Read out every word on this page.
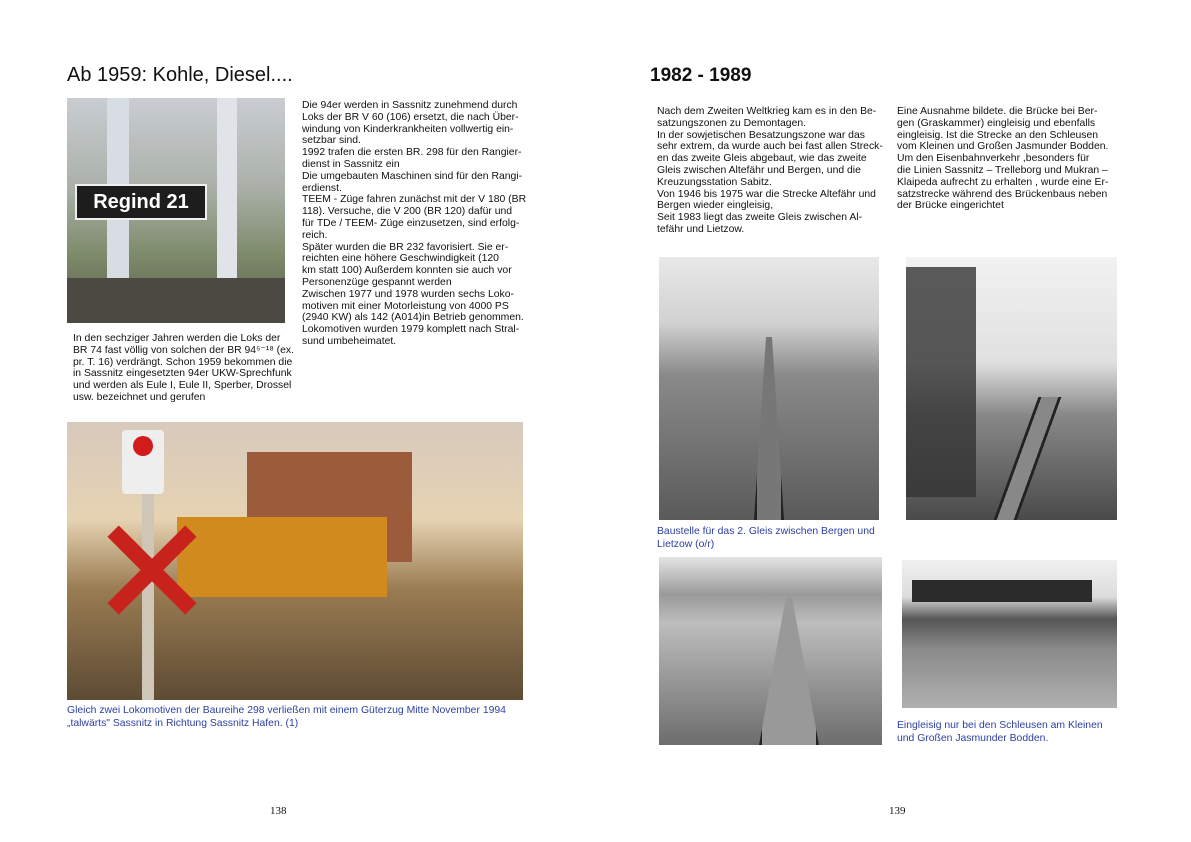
Ab 1959: Kohle, Diesel....
Regind 21
Die 94er werden in Sassnitz zunehmend durch
Loks der BR V 60 (106) ersetzt, die nach Über-
windung von Kinderkrankheiten vollwertig ein-
setzbar sind.
1992 trafen die ersten BR. 298 für den Rangier-
dienst in Sassnitz ein
Die umgebauten Maschinen sind für den Rangi-
erdienst.
TEEM - Züge fahren zunächst mit der V 180 (BR
118). Versuche, die V 200 (BR 120) dafür und
für TDe / TEEM- Züge einzusetzen, sind erfolg-
reich.
Später wurden die BR 232 favorisiert. Sie er-
reichten eine höhere Geschwindigkeit (120
km statt 100) Außerdem konnten sie auch vor
Personenzüge gespannt werden
Zwischen 1977 und 1978 wurden sechs Loko-
motiven mit einer Motorleistung von 4000 PS
(2940 KW) als 142 (A014)in Betrieb genommen.
Lokomotiven wurden 1979 komplett nach Stral-
sund umbeheimatet.
In den sechziger Jahren werden die Loks der
BR 74 fast völlig von solchen der BR 94⁵⁻¹⁸ (ex.
pr. T. 16) verdrängt. Schon 1959 bekommen die
in Sassnitz eingesetzten 94er UKW-Sprechfunk
und werden als Eule I, Eule II, Sperber, Drossel
usw. bezeichnet und gerufen
Gleich zwei Lokomotiven der Baureihe 298 verließen mit einem Güterzug Mitte November 1994
„talwärts" Sassnitz in Richtung Sassnitz Hafen. (1)
138
1982 - 1989
Nach dem Zweiten Weltkrieg kam es in den Be-
satzungszonen zu Demontagen.
In der sowjetischen Besatzungszone war das
sehr extrem, da wurde auch bei fast allen Streck-
en das zweite Gleis abgebaut, wie das zweite
Gleis zwischen Altefähr und Bergen, und die
Kreuzungsstation Sabitz.
Von 1946 bis 1975 war die Strecke Altefähr und
Bergen wieder eingleisig,
Seit 1983 liegt das zweite Gleis zwischen Al-
tefähr und Lietzow.
Eine Ausnahme bildete. die Brücke bei Ber-
gen (Graskammer) eingleisig und ebenfalls
eingleisig. Ist die Strecke an den Schleusen
vom Kleinen und Großen Jasmunder Bodden.
Um den Eisenbahnverkehr ,besonders für
die Linien Sassnitz – Trelleborg und Mukran –
Klaipeda aufrecht zu erhalten , wurde eine Er-
satzstrecke während des Brückenbaus neben
der Brücke eingerichtet
Baustelle für das 2. Gleis zwischen Bergen und
Lietzow (o/r)
Eingleisig nur bei den Schleusen am Kleinen
und Großen Jasmunder Bodden.
139
